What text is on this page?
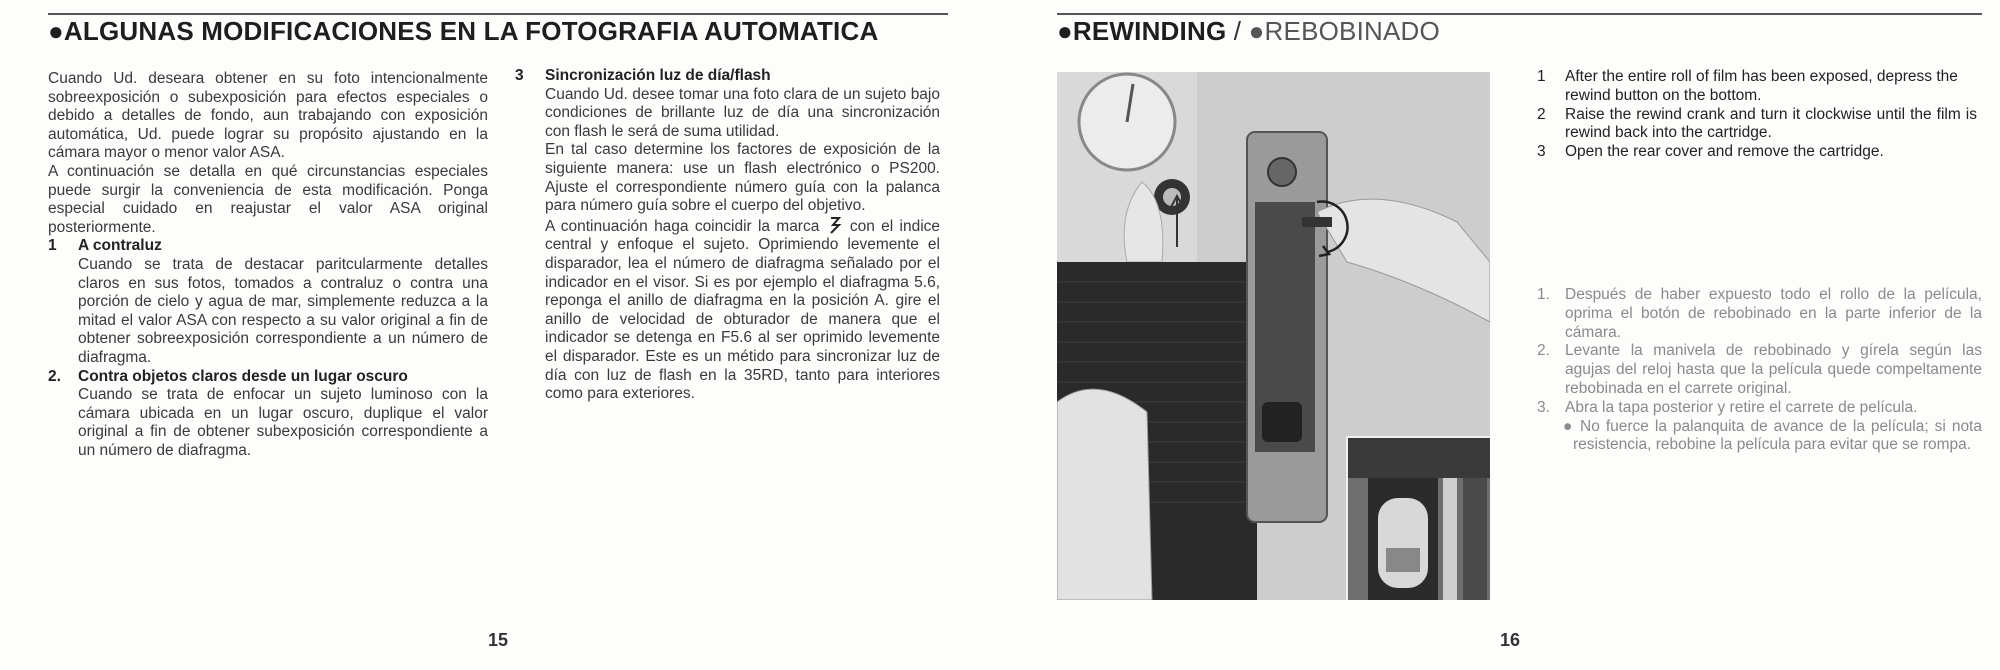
●ALGUNAS MODIFICACIONES EN LA FOTOGRAFIA AUTOMATICA

Cuando Ud. deseara obtener en su foto intencionalmente sobreexposición o subexposición para efectos especiales o debido a detalles de fondo, aun trabajando con exposición automática, Ud. puede lograr su propósito ajustando en la cámara mayor o menor valor ASA.

A continuación se detalla en qué circunstancias especiales puede surgir la conveniencia de esta modificación. Ponga especial cuidado en reajustar el valor ASA original posteriormente.

1	A contraluz

Cuando se trata de destacar paritcularmente detalles claros en sus fotos, tomados a contraluz o contra una porción de cielo y agua de mar, simplemente reduzca a la mitad el valor ASA con respecto a su valor original a fin de obtener sobreexposición correspondiente a un número de diafragma.

2.	Contra objetos claros desde un lugar oscuro

Cuando se trata de enfocar un sujeto luminoso con la cámara ubicada en un lugar oscuro, duplique el valor original a fin de obtener subexposición correspondiente a un número de diafragma.

3	Sincronización luz de día/flash

Cuando Ud. desee tomar una foto clara de un sujeto bajo condiciones de brillante luz de día una sincronización con flash le será de suma utilidad.

En tal caso determine los factores de exposición de la siguiente manera: use un flash electrónico o PS200. Ajuste el correspondiente número guía con la palanca para número guía sobre el cuerpo del objetivo.

A continuación haga coincidir la marca con el indice central y enfoque el sujeto. Oprimiendo levemente el disparador, lea el número de diafragma señalado por el indicador en el visor. Si es por ejemplo el diafragma 5.6, reponga el anillo de diafragma en la posición A. gire el anillo de velocidad de obturador de manera que el indicador se detenga en F5.6 al ser oprimido levemente el disparador. Este es un métido para sincronizar luz de día con luz de flash en la 35RD, tanto para interiores como para exteriores.

15
●REWINDING / ●REBOBINADO
1	After the entire roll of film has been exposed, depress the rewind button on the bottom.
2	Raise the rewind crank and turn it clockwise until the film is rewind back into the cartridge.
3	Open the rear cover and remove the cartridge.
1. Después de haber expuesto todo el rollo de la película, oprima el botón de rebobinado en la parte inferior de la cámara.
2. Levante la manivela de rebobinado y gírela según las agujas del reloj hasta que la película quede compeltamente rebobinada en el carrete original.
3. Abra la tapa posterior y retire el carrete de película.
● No fuerce la palanquita de avance de la película; si nota resistencia, rebobine la película para evitar que se rompa.
16
